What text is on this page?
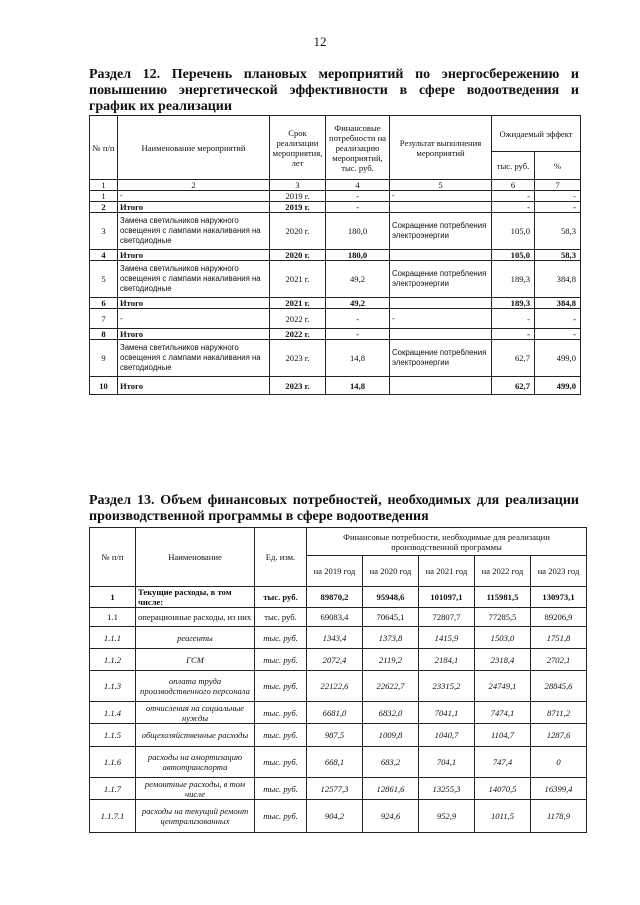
12
Раздел 12. Перечень плановых мероприятий по энергосбережению и повышению энергетической эффективности в сфере водоотведения и график их реализации
№ п/п	Наименование мероприятий	Срок реализации мероприятия, лет	Финансовые потребности на реализацию мероприятий, тыс. руб.	Результат выполнения мероприятий	Ожидаемый эффект	
					тыс. руб.	%
1	2	3	4	5	6	7
1	-	2019 г.	-	-	-	-
2	Итого	2019 г.	-		-	-
3	Замена светильников наружного освещения с лампами накаливания на светодиодные	2020 г.	180,0	Сокращение потребления электроэнергии	105,0	58,3
4	Итого	2020 г.	180,0		105,0	58,3
5	Замена светильников наружного освещения с лампами накаливания на светодиодные	2021 г.	49,2	Сокращение потребления электроэнергии	189,3	384,8
6	Итого	2021 г.	49,2		189,3	384,8
7	-	2022 г.	-	-	-	-
8	Итого	2022 г.	-		-	-
9	Замена светильников наружного освещения с лампами накаливания на светодиодные	2023 г.	14,8	Сокращение потребления электроэнергии	62,7	499,0
10	Итого	2023 г.	14,8		62,7	499,0
Раздел 13. Объем финансовых потребностей, необходимых для реализации производственной программы в сфере водоотведения
№ п/п	Наименование	Ед. изм.	Финансовые потребности, необходимые для реализации производственной программы				
			на 2019 год	на 2020 год	на 2021 год	на 2022 год	на 2023 год
1	Текущие расходы, в том числе:	тыс. руб.	89870,2	95948,6	101097,1	115981,5	130973,1
1.1	операционные расходы, из них	тыс. руб.	69083,4	70645,1	72807,7	77285,5	89206,9
1.1.1	реагенты	тыс. руб.	1343,4	1373,8	1415,9	1503,0	1751,8
1.1.2	ГСМ	тыс. руб.	2072,4	2119,2	2184,1	2318,4	2702,1
1.1.3	оплата труда производственного персонала	тыс. руб.	22122,6	22622,7	23315,2	24749,1	28845,6
1.1.4	отчисления на социальные нужды	тыс. руб.	6681,0	6832,0	7041,1	7474,1	8711,2
1.1.5	общехозяйственные расходы	тыс. руб.	987,5	1009,8	1040,7	1104,7	1287,6
1.1.6	расходы на амортизацию автотранспорта	тыс. руб.	668,1	683,2	704,1	747,4	0
1.1.7	ремонтные расходы, в том числе	тыс. руб.	12577,3	12861,6	13255,3	14070,5	16399,4
1.1.7.1	расходы на текущий ремонт централизованных	тыс. руб.	904,2	924,6	952,9	1011,5	1178,9
